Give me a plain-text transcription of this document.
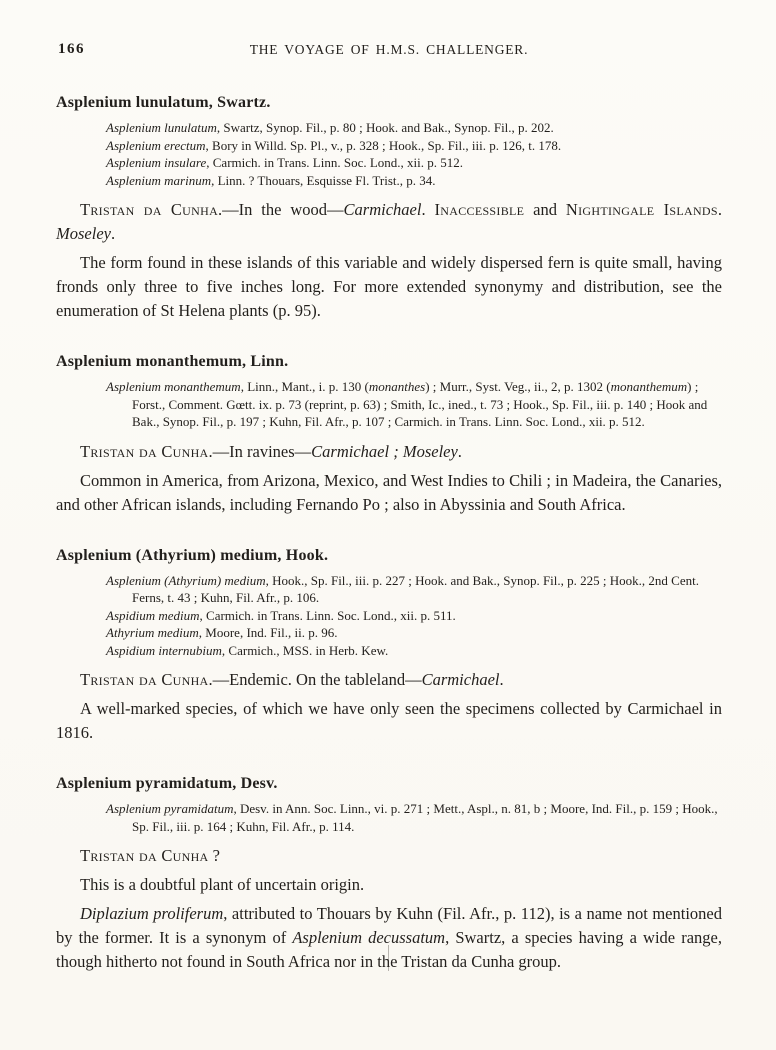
166	THE VOYAGE OF H.M.S. CHALLENGER.
Asplenium lunulatum, Swartz.

Asplenium lunulatum, Swartz, Synop. Fil., p. 80 ; Hook. and Bak., Synop. Fil., p. 202.

Asplenium erectum, Bory in Willd. Sp. Pl., v., p. 328 ; Hook., Sp. Fil., iii. p. 126, t. 178.

Asplenium insulare, Carmich. in Trans. Linn. Soc. Lond., xii. p. 512.

Asplenium marinum, Linn. ? Thouars, Esquisse Fl. Trist., p. 34.

Tristan da Cunha.—In the wood—Carmichael. Inaccessible and Nightingale Islands. Moseley.

The form found in these islands of this variable and widely dispersed fern is quite small, having fronds only three to five inches long. For more extended synonymy and distribution, see the enumeration of St Helena plants (p. 95).

Asplenium monanthemum, Linn.

Asplenium monanthemum, Linn., Mant., i. p. 130 (monanthes) ; Murr., Syst. Veg., ii., 2, p. 1302 (monanthemum) ; Forst., Comment. Gœtt. ix. p. 73 (reprint, p. 63) ; Smith, Ic., ined., t. 73 ; Hook., Sp. Fil., iii. p. 140 ; Hook and Bak., Synop. Fil., p. 197 ; Kuhn, Fil. Afr., p. 107 ; Carmich. in Trans. Linn. Soc. Lond., xii. p. 512.

Tristan da Cunha.—In ravines—Carmichael ; Moseley.

Common in America, from Arizona, Mexico, and West Indies to Chili ; in Madeira, the Canaries, and other African islands, including Fernando Po ; also in Abyssinia and South Africa.

Asplenium (Athyrium) medium, Hook.

Asplenium (Athyrium) medium, Hook., Sp. Fil., iii. p. 227 ; Hook. and Bak., Synop. Fil., p. 225 ; Hook., 2nd Cent. Ferns, t. 43 ; Kuhn, Fil. Afr., p. 106.

Aspidium medium, Carmich. in Trans. Linn. Soc. Lond., xii. p. 511.

Athyrium medium, Moore, Ind. Fil., ii. p. 96.

Aspidium internubium, Carmich., MSS. in Herb. Kew.

Tristan da Cunha.—Endemic. On the tableland—Carmichael.

A well-marked species, of which we have only seen the specimens collected by Carmichael in 1816.

Asplenium pyramidatum, Desv.

Asplenium pyramidatum, Desv. in Ann. Soc. Linn., vi. p. 271 ; Mett., Aspl., n. 81, b ; Moore, Ind. Fil., p. 159 ; Hook., Sp. Fil., iii. p. 164 ; Kuhn, Fil. Afr., p. 114.

Tristan da Cunha ?

This is a doubtful plant of uncertain origin.

Diplazium proliferum, attributed to Thouars by Kuhn (Fil. Afr., p. 112), is a name not mentioned by the former. It is a synonym of Asplenium decussatum, Swartz, a species having a wide range, though hitherto not found in South Africa nor in the Tristan da Cunha group.
